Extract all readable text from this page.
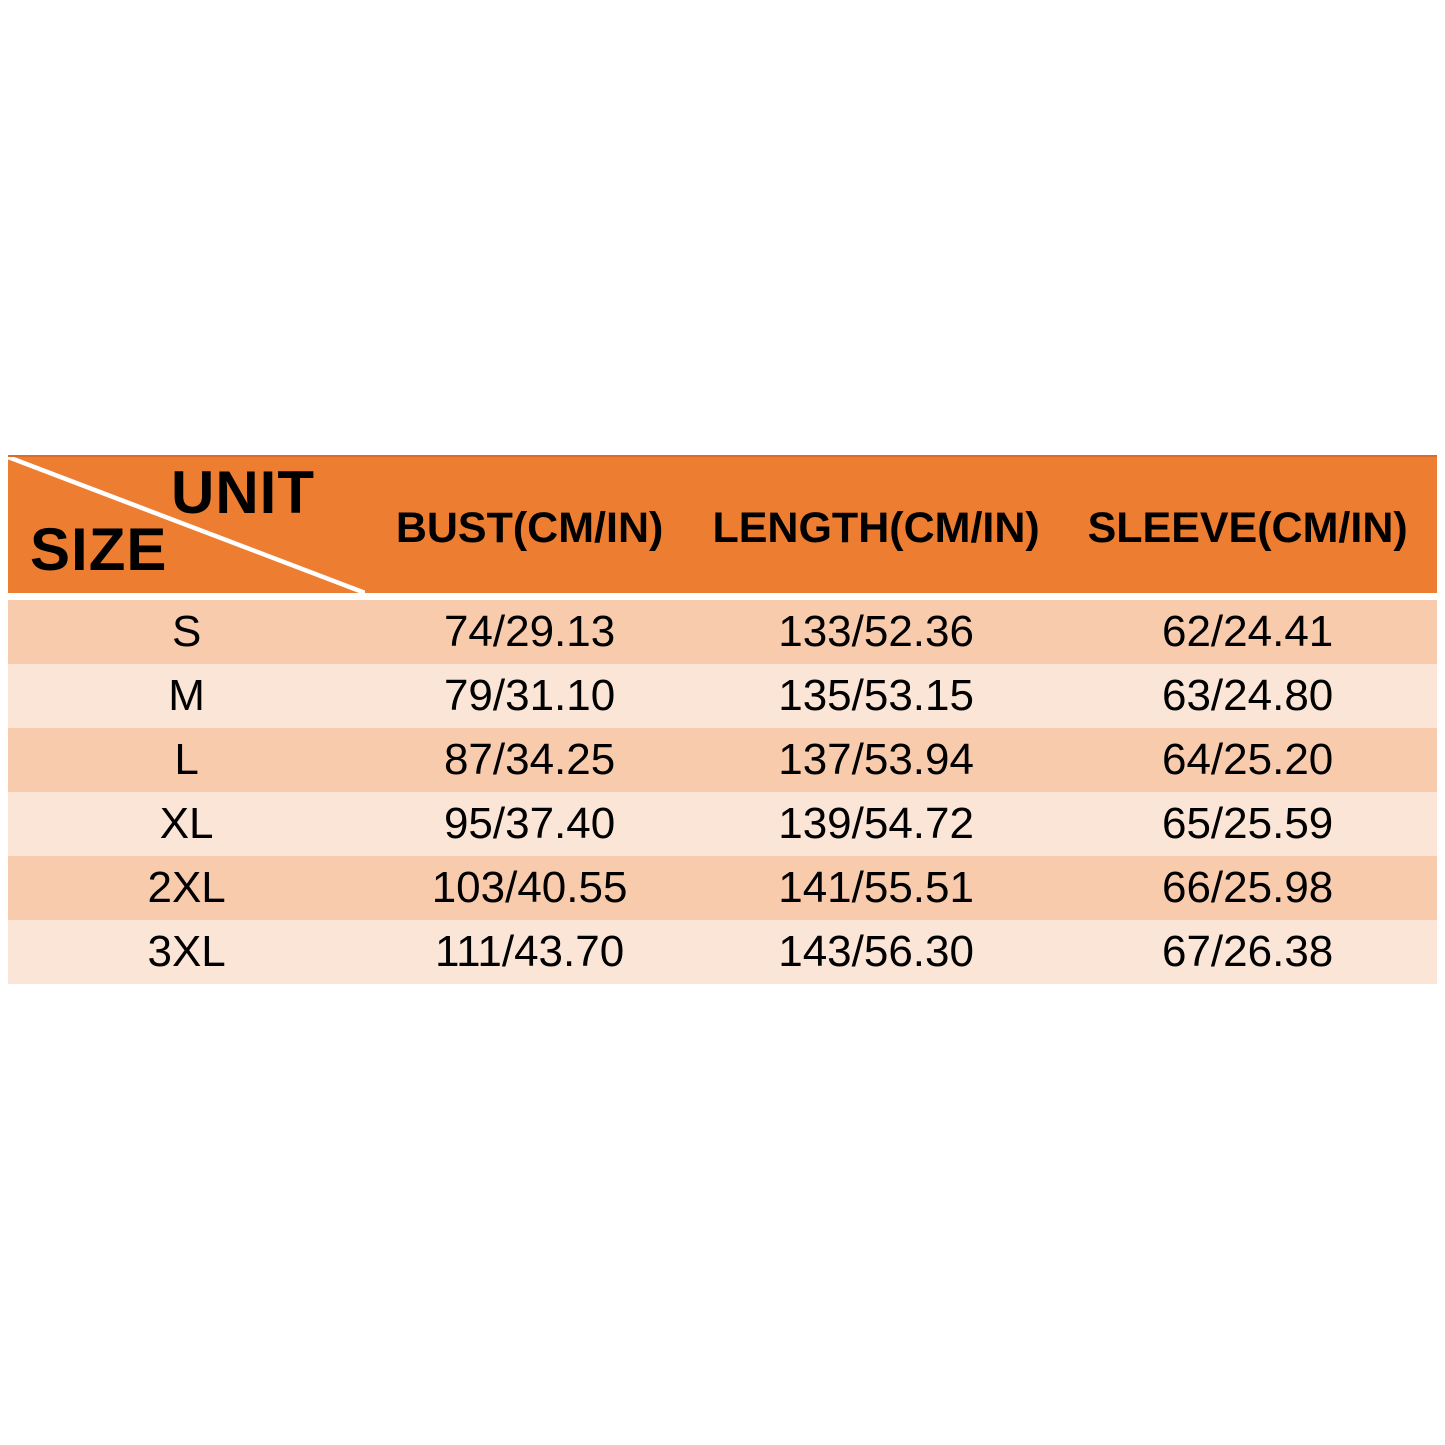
UNIT
SIZE	BUST(CM/IN)	LENGTH(CM/IN)	SLEEVE(CM/IN)
S	74/29.13	133/52.36	62/24.41
M	79/31.10	135/53.15	63/24.80
L	87/34.25	137/53.94	64/25.20
XL	95/37.40	139/54.72	65/25.59
2XL	103/40.55	141/55.51	66/25.98
3XL	111/43.70	143/56.30	67/26.38
